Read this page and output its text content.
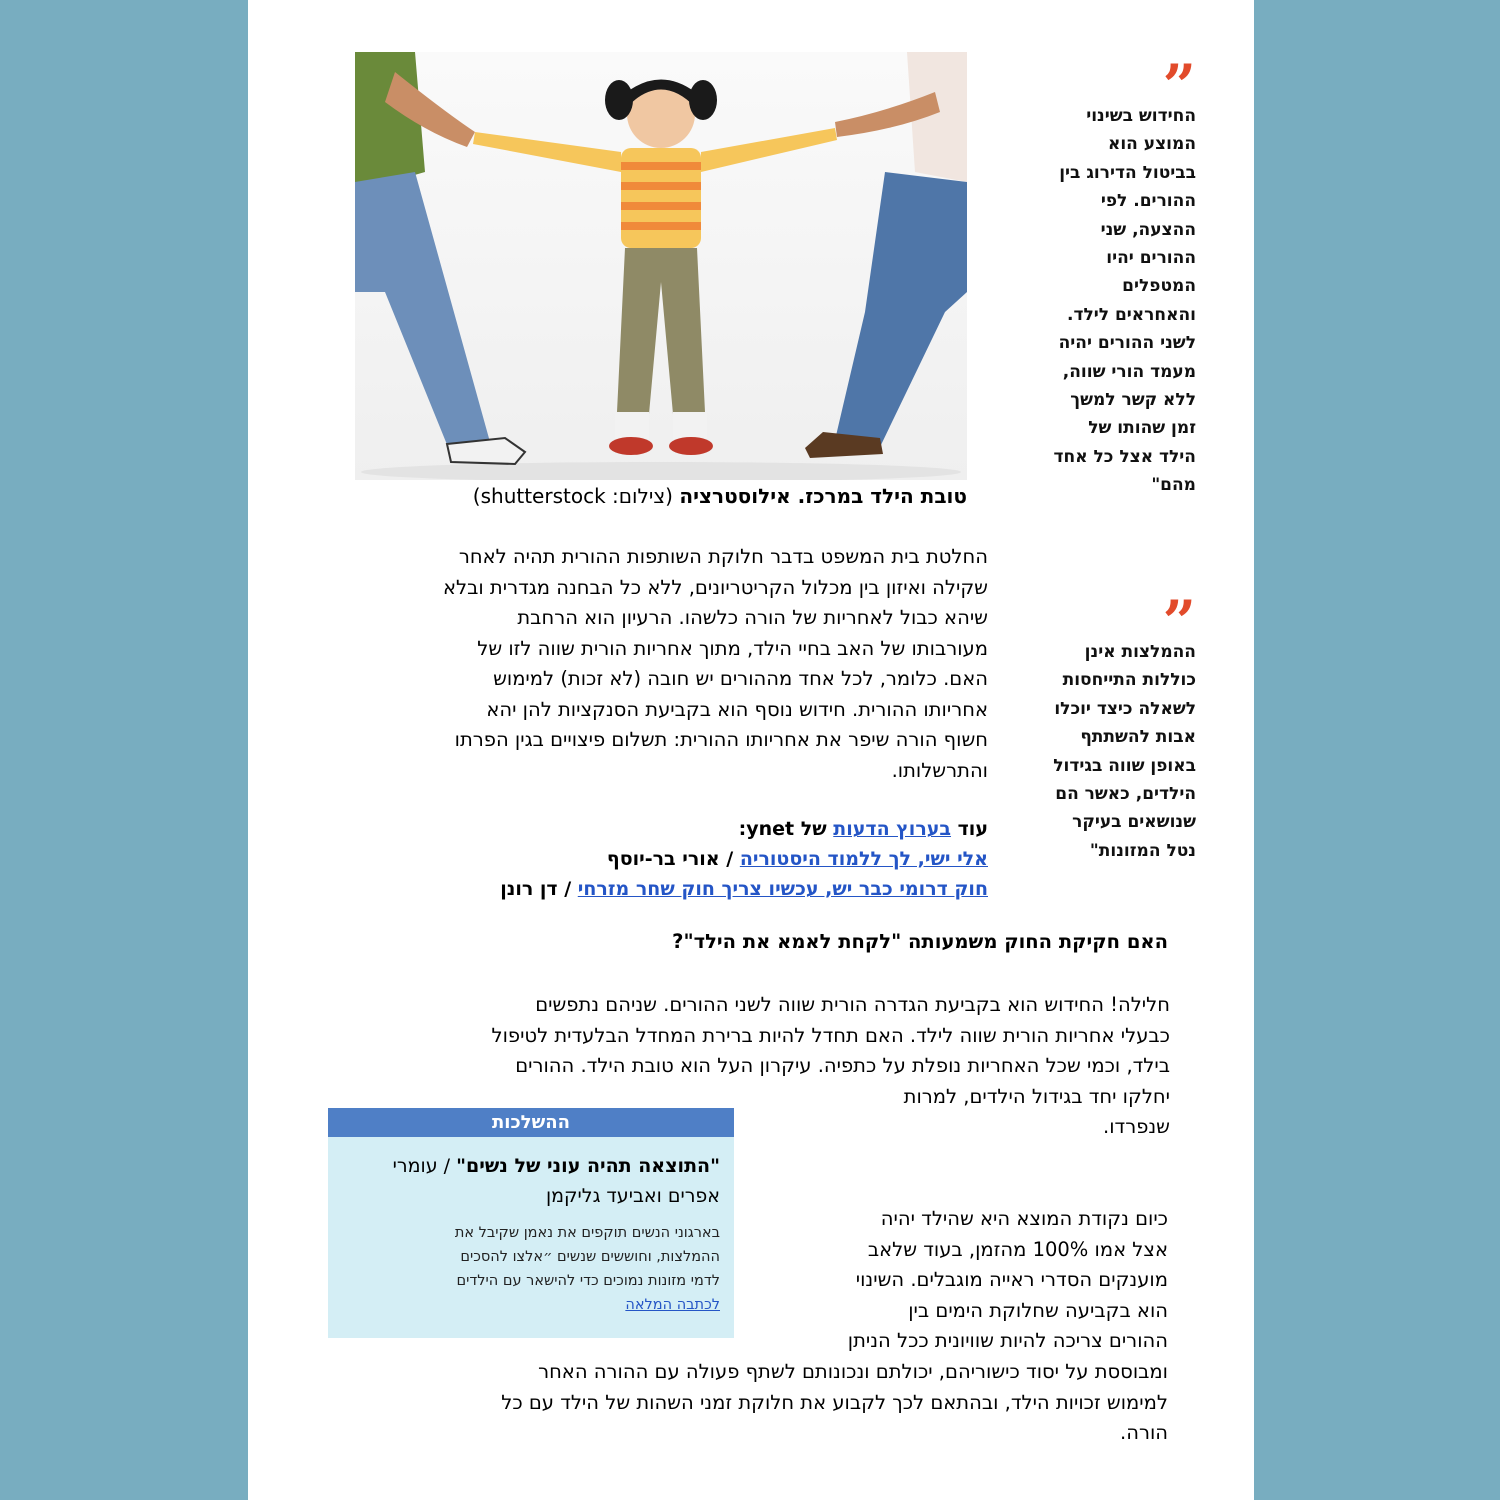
טובת הילד במרכז. אילוסטרציה (צילום: shutterstock)
”
החידוש בשינוי
המוצע הוא
בביטול הדירוג בין
ההורים. לפי
ההצעה, שני
ההורים יהיו
המטפלים
והאחראים לילד.
לשני ההורים יהיה
מעמד הורי שווה,
ללא קשר למשך
זמן שהותו של
הילד אצל כל אחד
מהם"
”
ההמלצות אינן
כוללות התייחסות
לשאלה כיצד יוכלו
אבות להשתתף
באופן שווה בגידול
הילדים, כאשר הם
שנושאים בעיקר
נטל המזונות"
החלטת בית המשפט בדבר חלוקת השותפות ההורית תהיה לאחר
שקילה ואיזון בין מכלול הקריטריונים, ללא כל הבחנה מגדרית ובלא
שיהא כבול לאחריות של הורה כלשהו. הרעיון הוא הרחבת
מעורבותו של האב בחיי הילד, מתוך אחריות הורית שווה לזו של
האם. כלומר, לכל אחד מההורים יש חובה (לא זכות) למימוש
אחריותו ההורית. חידוש נוסף הוא בקביעת הסנקציות להן יהא
חשוף הורה שיפר את אחריותו ההורית: תשלום פיצויים בגין הפרתו
והתרשלותו.
עוד בערוץ הדעות של ynet:
אלי ישי, לך ללמוד היסטוריה / אורי בר-יוסף
חוק דרומי כבר יש, עכשיו צריך חוק שחר מזרחי / דן רונן
האם חקיקת החוק משמעותה "לקחת לאמא את הילד"?
חלילה! החידוש הוא בקביעת הגדרה הורית שווה לשני ההורים. שניהם נתפשים
כבעלי אחריות הורית שווה לילד. האם תחדל להיות ברירת המחדל הבלעדית לטיפול
בילד, וכמי שכל האחריות נופלת על כתפיה. עיקרון העל הוא טובת הילד. ההורים
יחלקו יחד בגידול הילדים, למרות
שנפרדו.
ההשלכות
"התוצאה תהיה עוני של נשים" / עומרי
אפרים ואביעד גליקמן
בארגוני הנשים תוקפים את נאמן שקיבל את
ההמלצות, וחוששים שנשים ״אלצו להסכים
לדמי מזונות נמוכים כדי להישאר עם הילדים
לכתבה המלאה
כיום נקודת המוצא היא שהילד יהיה
אצל אמו 100% מהזמן, בעוד שלאב
מוענקים הסדרי ראייה מוגבלים. השינוי
הוא בקביעה שחלוקת הימים בין
ההורים צריכה להיות שוויונית ככל הניתן
ומבוססת על יסוד כישוריהם, יכולתם ונכונותם לשתף פעולה עם ההורה האחר
למימוש זכויות הילד, ובהתאם לכך לקבוע את חלוקת זמני השהות של הילד עם כל
הורה.
